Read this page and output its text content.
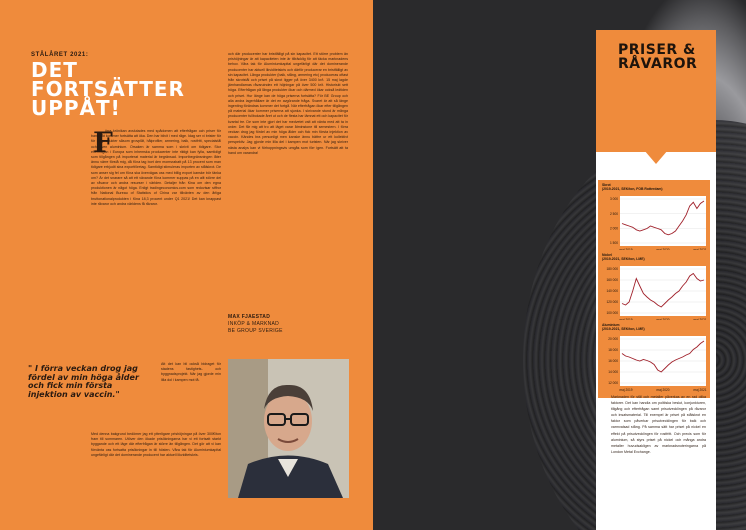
STÅLÅRET 2021:
DET FORTSÄTTER UPPÅT!
F
örra krönikan avslutades med spådomen att efterfrågan och priser för bandplåt kommer fortsätta att öka. Den har blivit i med råge. Idag ser vi brister för för stålprodukter såsom grovplåt, hålprofiler, armering, balk, rostfritt, specialstål och även aluminium. Orsaken är samma som i skrivit om tidigare. Stor efterfrågan i Europa som inhemska producenter inte riktigt kan fylla, samtidigt som tillgången på importerat material är begränsad. Importbegränsningen låter ännu värre förstå mig, då Kina tag bort den momsrabatt på 13 procent som man tidigare erbjudit sina exportföretag. Samtidigt stimuleras importen av stålskrot. De som anser sig fel om Kina ska övervägas oss med billig export kanske bör tänka om? Är det snarare så att ett växande Kina kommer suppas på en allt större del av råvaror och andra resurser i världen. Detaljer från Kina om den egna produktionen är något höga. Enligt tradingeconomics.com som redovisar siffror från National Bureau of Statistics of China var tillväxten av den årliga bruttonationalprodukten i Kina 18,3 procent under Q1 2021! Det kan knappast inte råvaror och andra världens få råvaror.
Att det kan bli också bidraget för stadens fastighets- och byggnadsprojekt. När jag gjorde min lilla dol i kampen mot få.
Med denna bakgrund bedömer jag ett ytterligare prishöjningar på över 300€/ton fram till sommaren. Utöver den ökade prisökningarna har vi ett fortsatt starkt byggande och ett läge där efterfrågan är större än tillgången. Det gör att vi kan förvänta oss fortsatta prisökningar in till hösten. Våra tak för Aluminiumkapital ungefärligt där det dominerande producent har aktuell likviditetskris.
" I förra veckan drog jag fördel av min höga ålder och fick min första injektion av vaccin."
och där producenter har bristfälligt på sin kapacitet. Ett större problem än prishöjningar är att kapaciteten inte är tillräcklig för att täcka marknadens behov. Våra tak för Aluminiumkapital ungefärligt där det dominerande producenter har aktuell likviditetskris och därför producerar en bristfälligt av sin kapacitet. Långa produkter (balk, stång, armering etc) produceras oftast från skrotstål och priset på skrot ligger på över 3400 kr/t. 15 maj lagde järnhandlarnas råvaruindex ett höjningar på över 500 kr/t. Historiskt sett höga. Efterfrågan på långa produkter ökar och därmed ökar också ledtiden och priset. Hur länge kan de höga priserna fortsätta? För BE Group och alla andra lagerhållare är det en avgörande fråga. Svaret är att så länge ingenting förändras kommer det fortgå. När efterfrågan ökar efter tillgången på material ökar kommer priserna att sjunka. I skrivande stund är många producenter fullbokade året ut och de flesta har lämnat ett och kapacitet för kvartal tre. De som inte gjort det har medvetet valt att vänta med att ta in order. Det får mig att tro att läget varar åtminstone till semestern. I förra veckan drog jag fördel av min höga ålder och fick min första injektion av vaccin. Kändes bra personligt men kanske ännu bättre ur ett kollektivt perspektiv. Jag gjorde min lilla del i kampen mot turisten. När jag skriver nästa analys kan vi förhoppningsvis umgås som förr igen. Fortsätt att ta hand om varandra!
MAX FJAESTAD
INKÖP & MARKNAD
BE GROUP SVERIGE
PRISER & RÅVAROR
Skrot
(2019-2021, SEK/ton, FOB Rotterdam)
3 000
2 500
2 000
1 500
Nickel
(2019-2021, SEK/ton, LME)
180 000
160 000
140 000
120 000
100 000
Aluminium
(2019-2021, SEK/ton, LME)
20 000
18 000
16 000
14 000
12 000
maj 2019	maj 2020	maj 2021
Marknaden för stål och metaller påverkas av en rad olika faktorer. Det kan handla om politiska beslut, konjunkturen, tillgång och efterfrågan samt prisutvecklingen på råvaror och insatsmaterial. Till exempel är priset på stålskrot en faktor som påverkar prisutvecklingen för balk och varmvalsad stång. På samma sätt har priset på nickel en effekt på prisutvecklingen för rostfritt. Och precis som för aluminium, så styrs priset på nickel och många andra metaller huvudsakligen av marknadsnoteringarna på London Metal Exchange.
